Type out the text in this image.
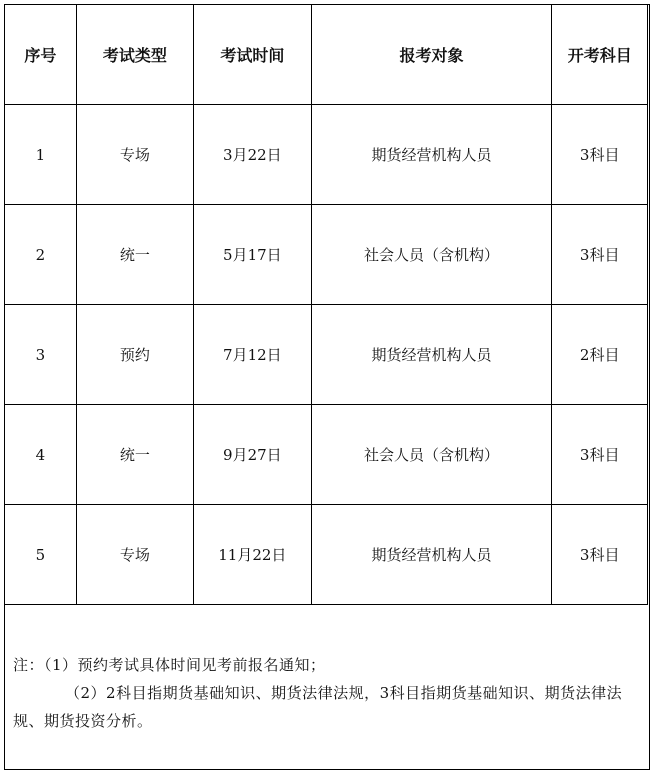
序号	考试类型	考试时间	报考对象	开考科目
1	专场	3月22日	期货经营机构人员	3科目
2	统一	5月17日	社会人员（含机构）	3科目
3	预约	7月12日	期货经营机构人员	2科目
4	统一	9月27日	社会人员（含机构）	3科目
5	专场	11月22日	期货经营机构人员	3科目

注：（1）预约考试具体时间见考前报名通知；

（2）2科目指期货基础知识、期货法律法规，3科目指期货基础知识、期货法律法规、期货投资分析。
